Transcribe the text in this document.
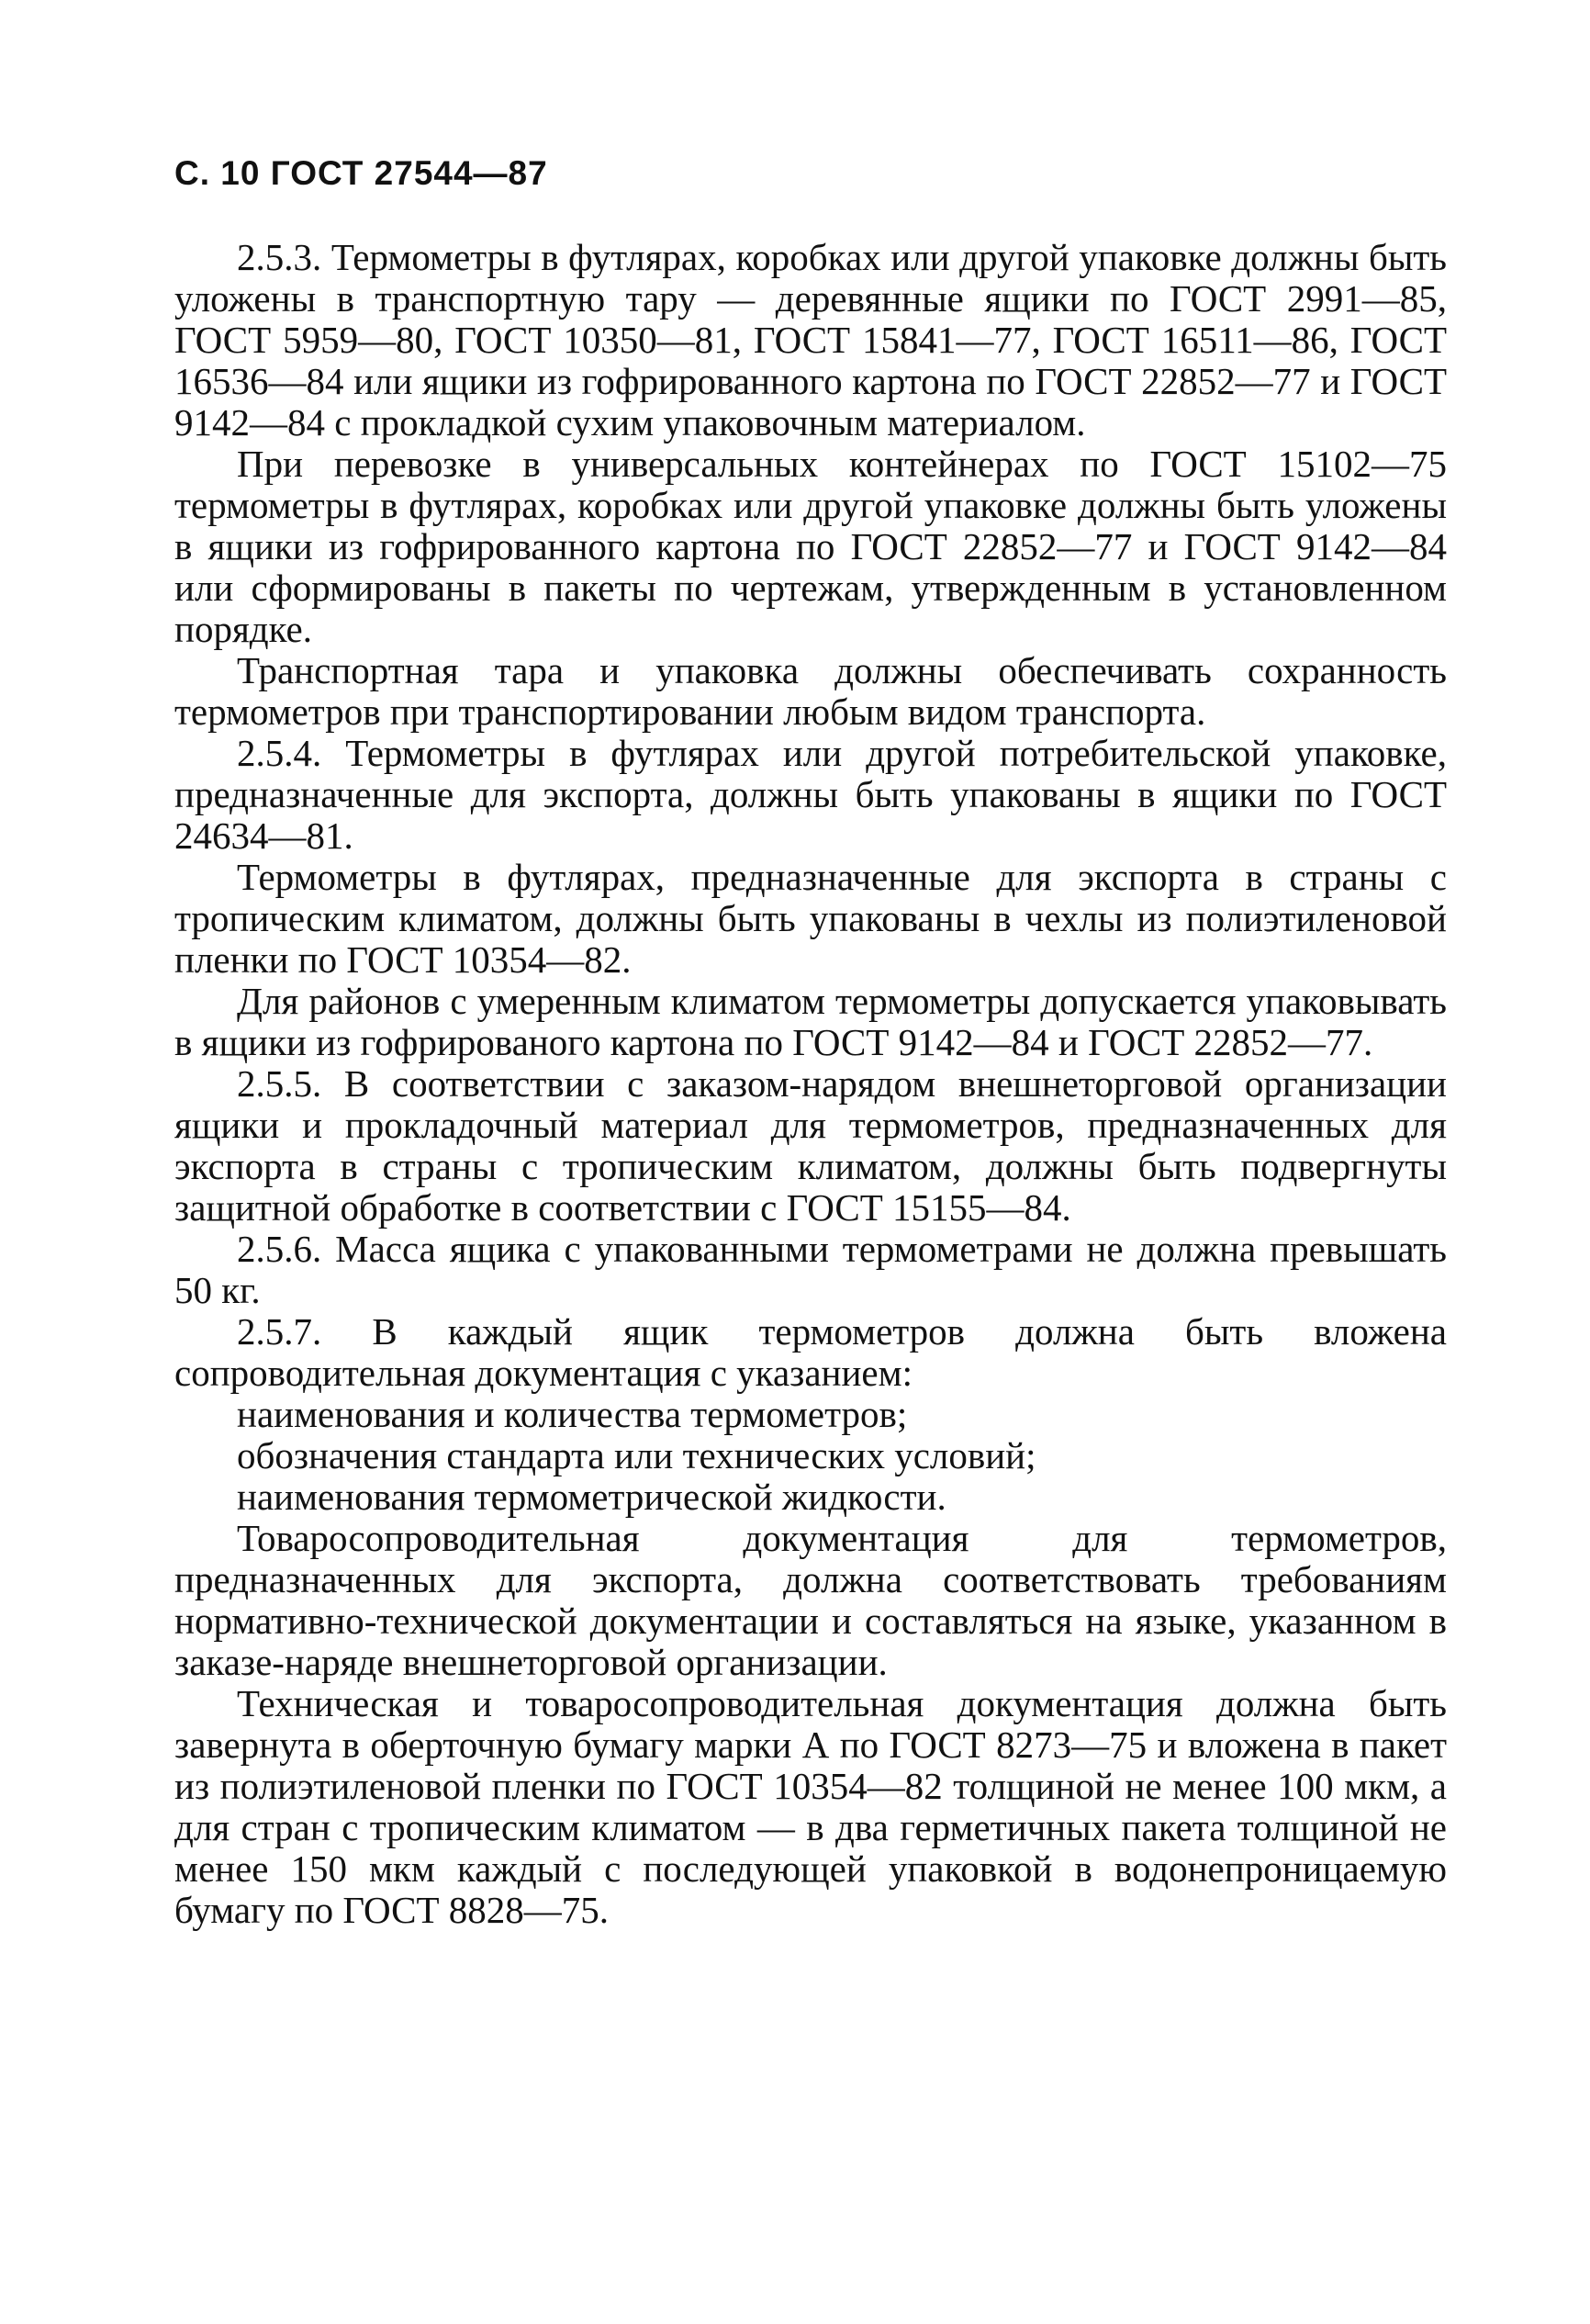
С. 10 ГОСТ 27544—87

2.5.3. Термометры в футлярах, коробках или другой упаковке должны быть уложены в транспортную тару — деревянные ящики по ГОСТ 2991—85, ГОСТ 5959—80, ГОСТ 10350—81, ГОСТ 15841—77, ГОСТ 16511—86, ГОСТ 16536—84 или ящики из гофрированного картона по ГОСТ 22852—77 и ГОСТ 9142—84 с прокладкой сухим упаковочным материалом.

При перевозке в универсальных контейнерах по ГОСТ 15102—75 термометры в футлярах, коробках или другой упаковке должны быть уложены в ящики из гофрированного картона по ГОСТ 22852—77 и ГОСТ 9142—84 или сформированы в пакеты по чертежам, утвержденным в установленном порядке.

Транспортная тара и упаковка должны обеспечивать сохранность термометров при транспортировании любым видом транспорта.

2.5.4. Термометры в футлярах или другой потребительской упаковке, предназначенные для экспорта, должны быть упакованы в ящики по ГОСТ 24634—81.

Термометры в футлярах, предназначенные для экспорта в страны с тропическим климатом, должны быть упакованы в чехлы из полиэтиленовой пленки по ГОСТ 10354—82.

Для районов с умеренным климатом термометры допускается упаковывать в ящики из гофрированого картона по ГОСТ 9142—84 и ГОСТ 22852—77.

2.5.5. В соответствии с заказом-нарядом внешнеторговой организации ящики и прокладочный материал для термометров, предназначенных для экспорта в страны с тропическим климатом, должны быть подвергнуты защитной обработке в соответствии с ГОСТ 15155—84.

2.5.6. Масса ящика с упакованными термометрами не должна превышать 50 кг.

2.5.7. В каждый ящик термометров должна быть вложена сопроводительная документация с указанием:

наименования и количества термометров;

обозначения стандарта или технических условий;

наименования термометрической жидкости.

Товаросопроводительная документация для термометров, предназначенных для экспорта, должна соответствовать требованиям нормативно-технической документации и составляться на языке, указанном в заказе-наряде внешнеторговой организации.

Техническая и товаросопроводительная документация должна быть завернута в оберточную бумагу марки А по ГОСТ 8273—75 и вложена в пакет из полиэтиленовой пленки по ГОСТ 10354—82 толщиной не менее 100 мкм, а для стран с тропическим климатом — в два герметичных пакета толщиной не менее 150 мкм каждый с последующей упаковкой в водонепроницаемую бумагу по ГОСТ 8828—75.
